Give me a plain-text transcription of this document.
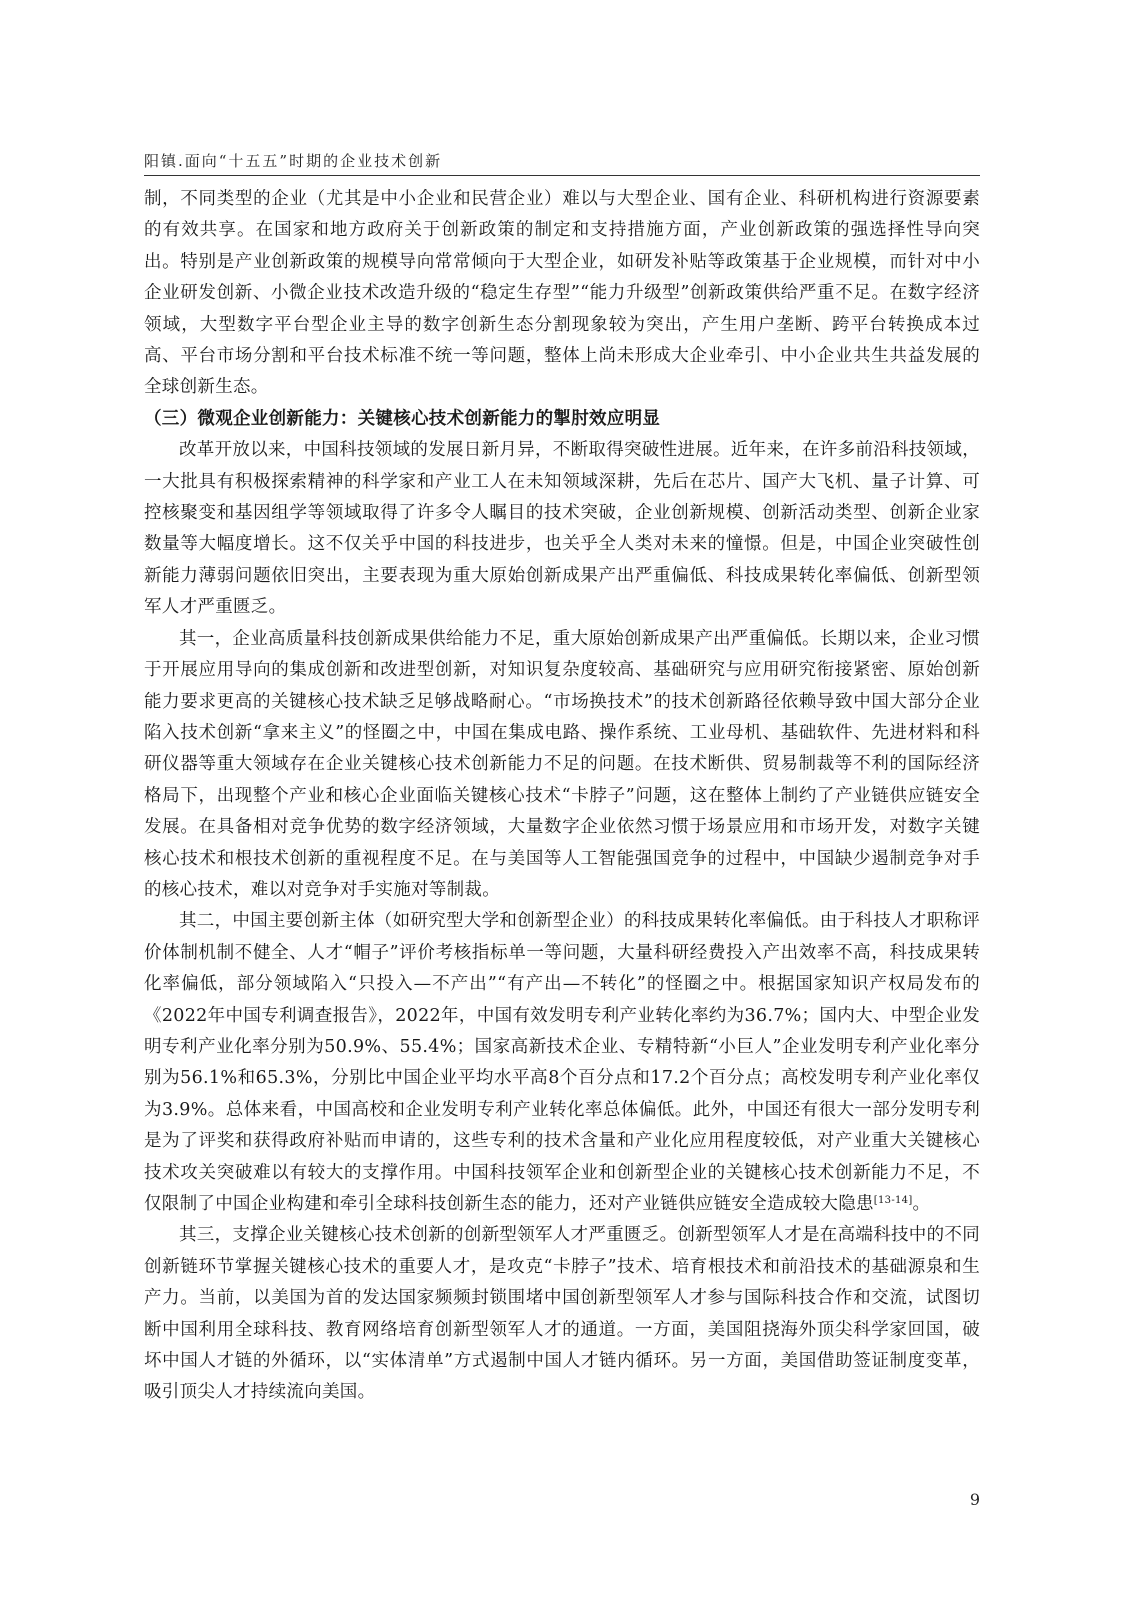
阳镇.面向“十五五”时期的企业技术创新

制，不同类型的企业（尤其是中小企业和民营企业）难以与大型企业、国有企业、科研机构进行资源要素的有效共享。在国家和地方政府关于创新政策的制定和支持措施方面，产业创新政策的强选择性导向突出。特别是产业创新政策的规模导向常常倾向于大型企业，如研发补贴等政策基于企业规模，而针对中小企业研发创新、小微企业技术改造升级的“稳定生存型”“能力升级型”创新政策供给严重不足。在数字经济领域，大型数字平台型企业主导的数字创新生态分割现象较为突出，产生用户垄断、跨平台转换成本过高、平台市场分割和平台技术标准不统一等问题，整体上尚未形成大企业牵引、中小企业共生共益发展的全球创新生态。

（三）微观企业创新能力：关键核心技术创新能力的掣肘效应明显

改革开放以来，中国科技领域的发展日新月异，不断取得突破性进展。近年来，在许多前沿科技领域，一大批具有积极探索精神的科学家和产业工人在未知领域深耕，先后在芯片、国产大飞机、量子计算、可控核聚变和基因组学等领域取得了许多令人瞩目的技术突破，企业创新规模、创新活动类型、创新企业家数量等大幅度增长。这不仅关乎中国的科技进步，也关乎全人类对未来的憧憬。但是，中国企业突破性创新能力薄弱问题依旧突出，主要表现为重大原始创新成果产出严重偏低、科技成果转化率偏低、创新型领军人才严重匮乏。

其一，企业高质量科技创新成果供给能力不足，重大原始创新成果产出严重偏低。长期以来，企业习惯于开展应用导向的集成创新和改进型创新，对知识复杂度较高、基础研究与应用研究衔接紧密、原始创新能力要求更高的关键核心技术缺乏足够战略耐心。“市场换技术”的技术创新路径依赖导致中国大部分企业陷入技术创新“拿来主义”的怪圈之中，中国在集成电路、操作系统、工业母机、基础软件、先进材料和科研仪器等重大领域存在企业关键核心技术创新能力不足的问题。在技术断供、贸易制裁等不利的国际经济格局下，出现整个产业和核心企业面临关键核心技术“卡脖子”问题，这在整体上制约了产业链供应链安全发展。在具备相对竞争优势的数字经济领域，大量数字企业依然习惯于场景应用和市场开发，对数字关键核心技术和根技术创新的重视程度不足。在与美国等人工智能强国竞争的过程中，中国缺少遏制竞争对手的核心技术，难以对竞争对手实施对等制裁。

其二，中国主要创新主体（如研究型大学和创新型企业）的科技成果转化率偏低。由于科技人才职称评价体制机制不健全、人才“帽子”评价考核指标单一等问题，大量科研经费投入产出效率不高，科技成果转化率偏低，部分领域陷入“只投入—不产出”“有产出—不转化”的怪圈之中。根据国家知识产权局发布的《2022年中国专利调查报告》，2022年，中国有效发明专利产业转化率约为36.7%；国内大、中型企业发明专利产业化率分别为50.9%、55.4%；国家高新技术企业、专精特新“小巨人”企业发明专利产业化率分别为56.1%和65.3%，分别比中国企业平均水平高8个百分点和17.2个百分点；高校发明专利产业化率仅为3.9%。总体来看，中国高校和企业发明专利产业转化率总体偏低。此外，中国还有很大一部分发明专利是为了评奖和获得政府补贴而申请的，这些专利的技术含量和产业化应用程度较低，对产业重大关键核心技术攻关突破难以有较大的支撑作用。中国科技领军企业和创新型企业的关键核心技术创新能力不足，不仅限制了中国企业构建和牵引全球科技创新生态的能力，还对产业链供应链安全造成较大隐患[13-14]。

其三，支撑企业关键核心技术创新的创新型领军人才严重匮乏。创新型领军人才是在高端科技中的不同创新链环节掌握关键核心技术的重要人才，是攻克“卡脖子”技术、培育根技术和前沿技术的基础源泉和生产力。当前，以美国为首的发达国家频频封锁围堵中国创新型领军人才参与国际科技合作和交流，试图切断中国利用全球科技、教育网络培育创新型领军人才的通道。一方面，美国阻挠海外顶尖科学家回国，破坏中国人才链的外循环，以“实体清单”方式遏制中国人才链内循环。另一方面，美国借助签证制度变革，吸引顶尖人才持续流向美国。

9
